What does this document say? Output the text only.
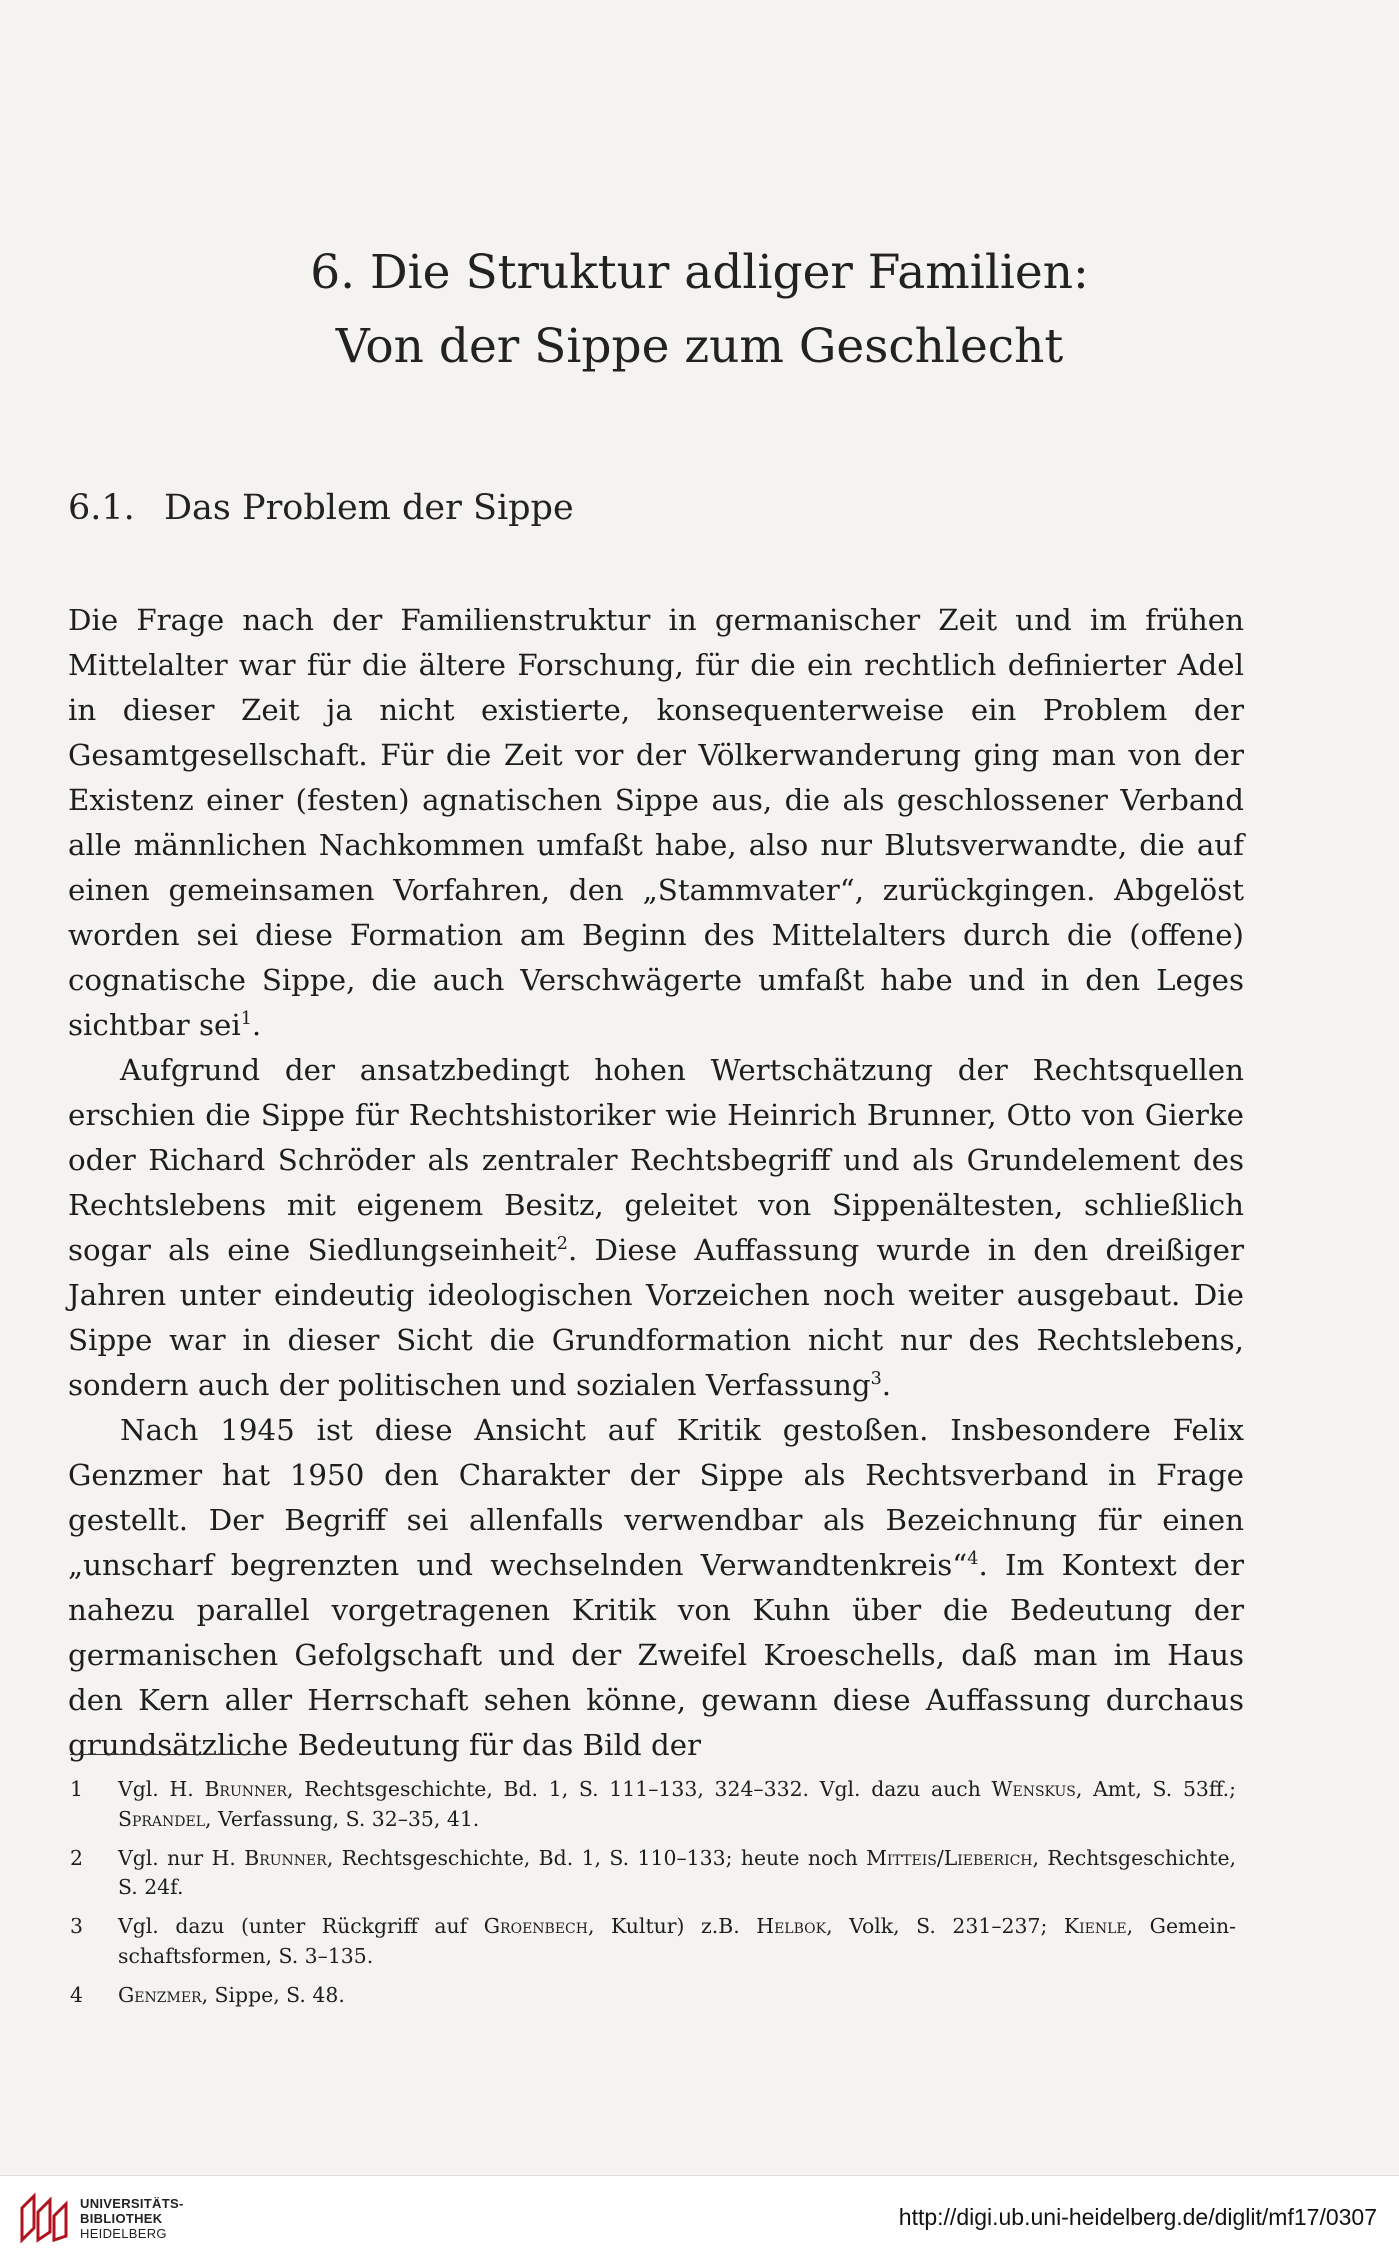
6. Die Struktur adliger Familien:
Von der Sippe zum Geschlecht
6.1. Das Problem der Sippe

Die Frage nach der Familienstruktur in germanischer Zeit und im frühen Mittelalter war für die ältere Forschung, für die ein rechtlich definierter Adel in dieser Zeit ja nicht existierte, konsequenterweise ein Problem der Gesamtgesellschaft. Für die Zeit vor der Völkerwanderung ging man von der Existenz einer (festen) agnatischen Sippe aus, die als geschlossener Verband alle männlichen Nachkommen umfaßt habe, also nur Blutsverwandte, die auf einen gemeinsamen Vorfahren, den „Stammvater“, zurückgingen. Abgelöst worden sei diese Formation am Beginn des Mittelalters durch die (offene) cognatische Sippe, die auch Verschwägerte umfaßt habe und in den Leges sichtbar sei$^1$.

Aufgrund der ansatzbedingt hohen Wertschätzung der Rechtsquellen erschien die Sippe für Rechtshistoriker wie Heinrich Brunner, Otto von Gierke oder Richard Schröder als zentraler Rechtsbegriff und als Grundelement des Rechtslebens mit eigenem Besitz, geleitet von Sippenältesten, schließlich sogar als eine Siedlungseinheit$^2$. Diese Auffassung wurde in den dreißiger Jahren unter eindeutig ideologischen Vorzeichen noch weiter ausgebaut. Die Sippe war in dieser Sicht die Grundformation nicht nur des Rechtslebens, sondern auch der politischen und sozialen Verfassung$^3$.

Nach 1945 ist diese Ansicht auf Kritik gestoßen. Insbesondere Felix Genzmer hat 1950 den Charakter der Sippe als Rechtsverband in Frage gestellt. Der Begriff sei allenfalls verwendbar als Bezeichnung für einen „unscharf begrenzten und wechselnden Verwandtenkreis“$^4$. Im Kontext der nahezu parallel vorgetragenen Kritik von Kuhn über die Bedeutung der germanischen Gefolgschaft und der Zweifel Kroeschells, daß man im Haus den Kern aller Herrschaft sehen könne, gewann diese Auffassung durchaus grundsätzliche Bedeutung für das Bild der

1 Vgl. H. Brunner, Rechtsgeschichte, Bd. 1, S. 111–133, 324–332. Vgl. dazu auch Wenskus, Amt, S. 53ff.; Sprandel, Verfassung, S. 32–35, 41.
2 Vgl. nur H. Brunner, Rechtsgeschichte, Bd. 1, S. 110–133; heute noch Mitteis/Lieberich, Rechtsgeschichte, S. 24f.
3 Vgl. dazu (unter Rückgriff auf Groenbech, Kultur) z.B. Helbok, Volk, S. 231–237; Kienle, Gemeinschaftsformen, S. 3–135.
4 Genzmer, Sippe, S. 48.
UNIVERSITÄTS-
BIBLIOTHEK
HEIDELBERG
http://digi.ub.uni-heidelberg.de/diglit/mf17/0307
